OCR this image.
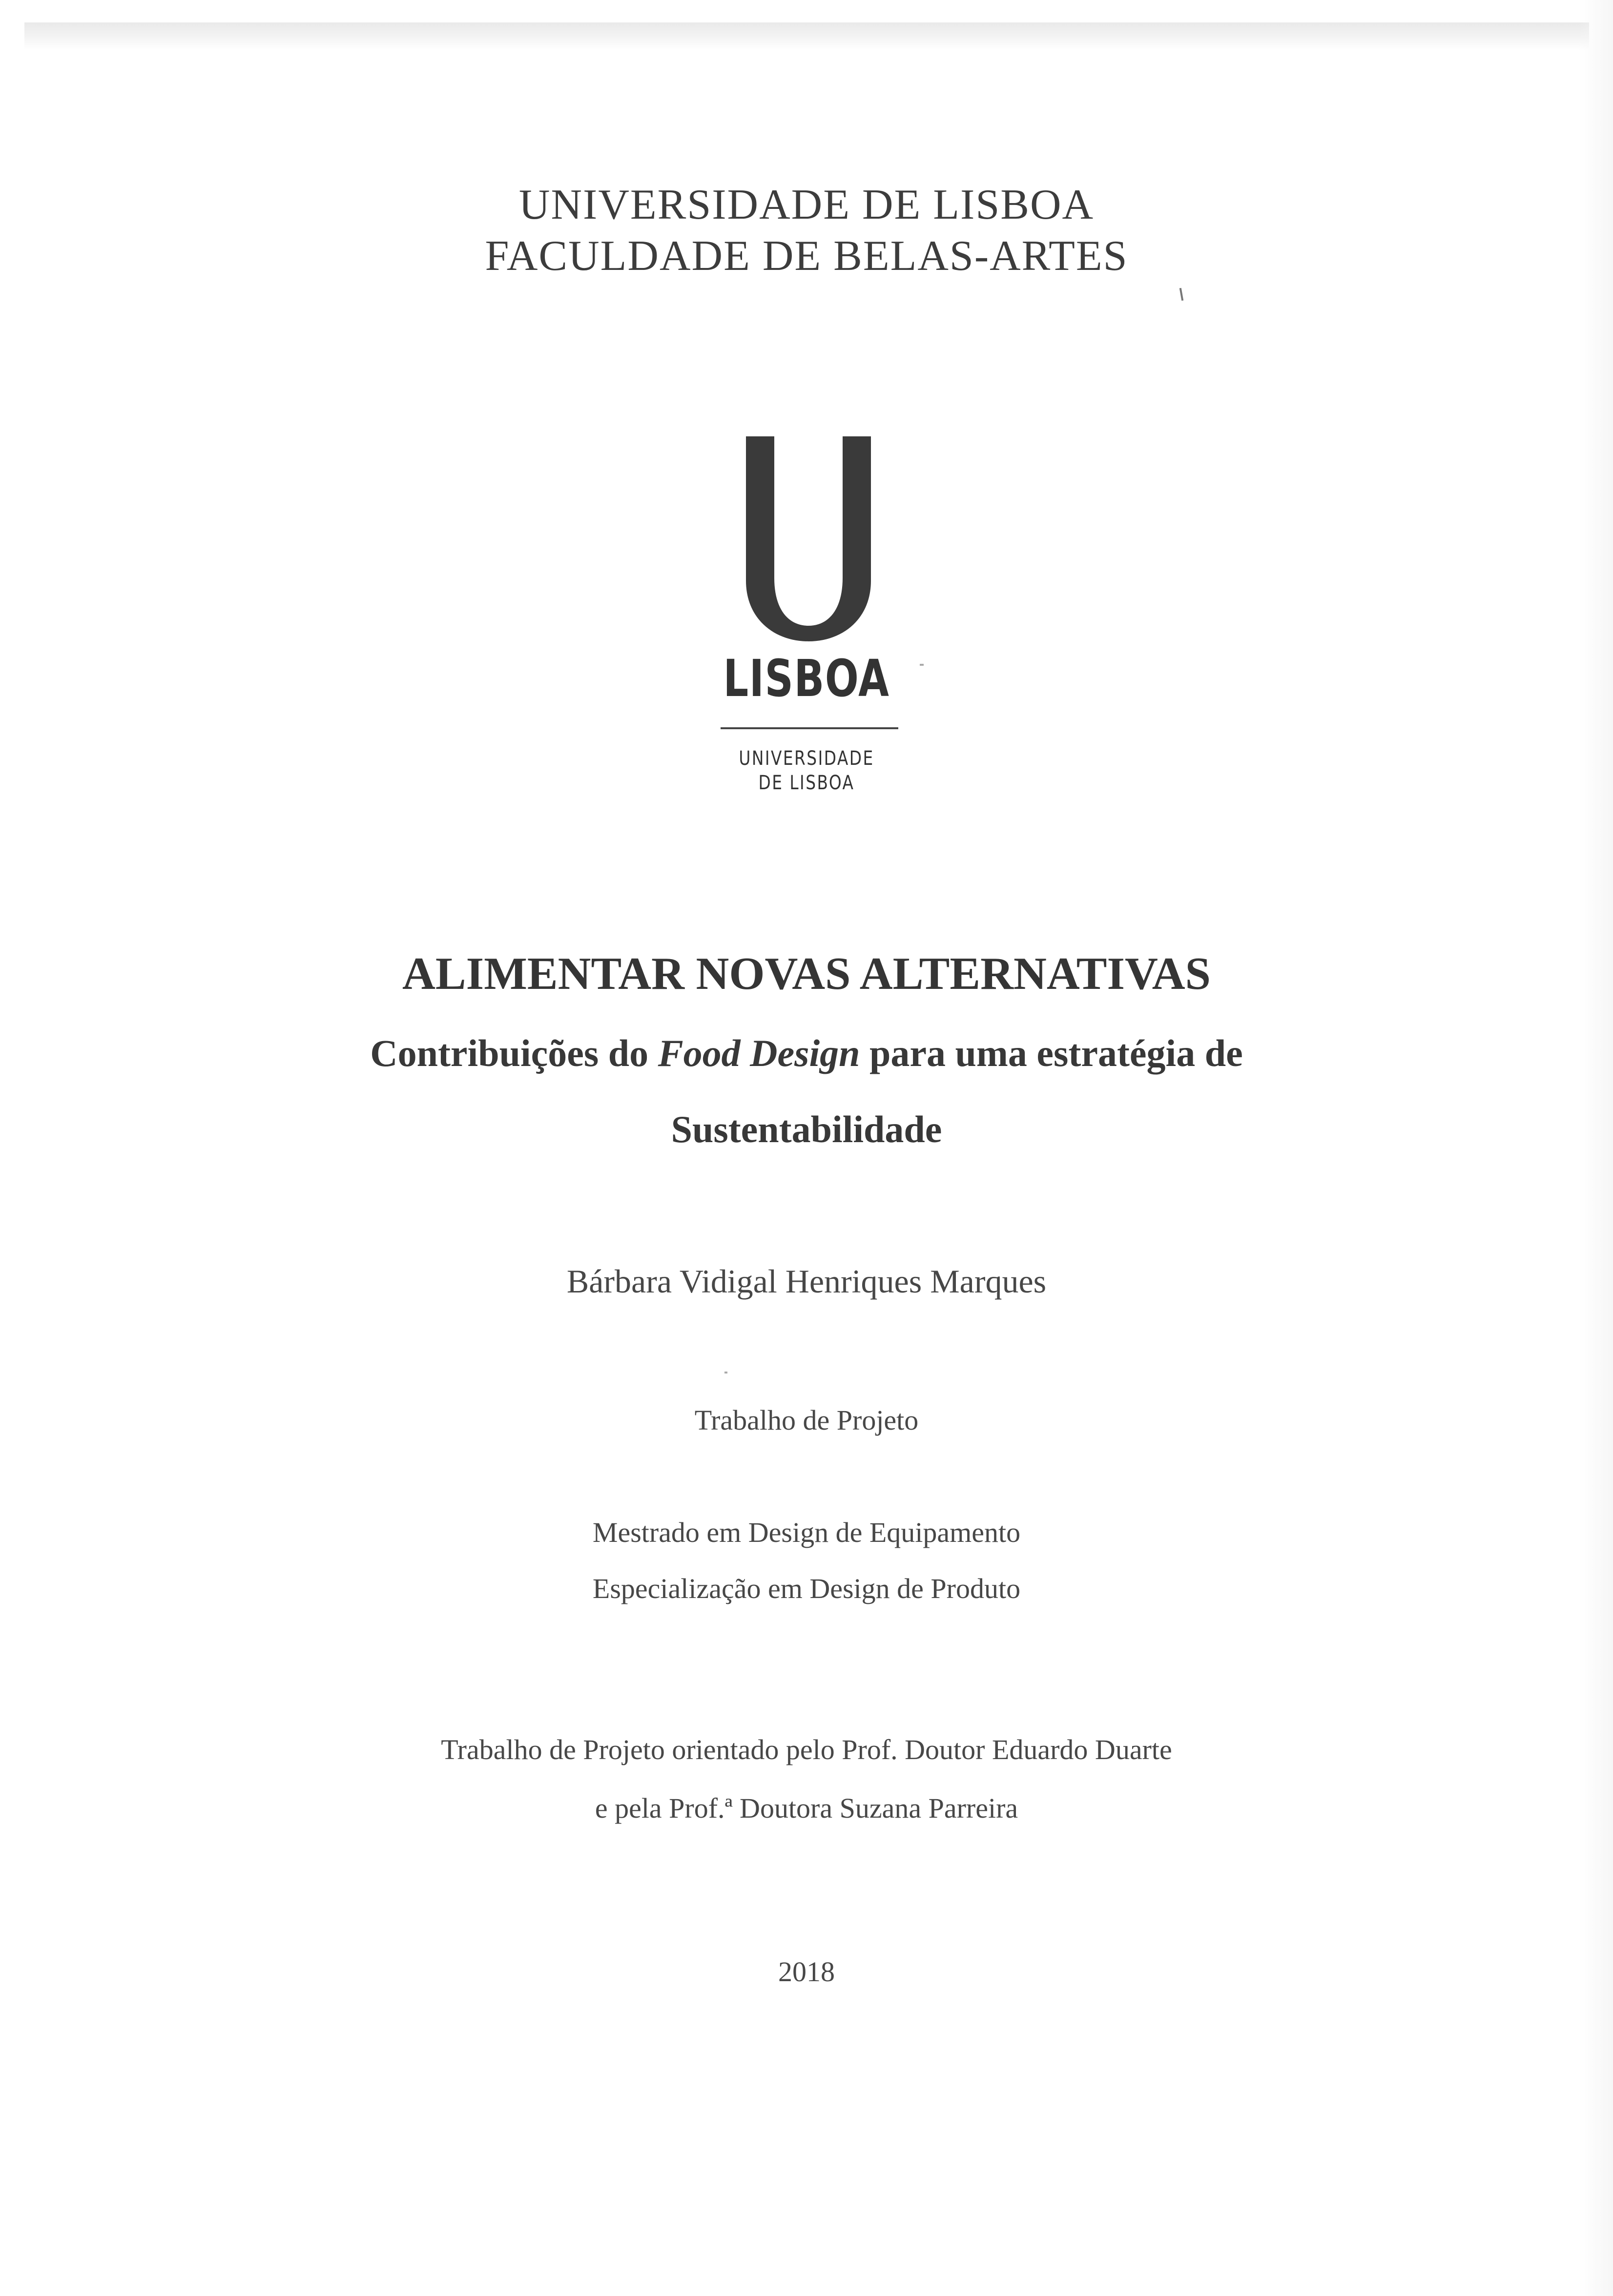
UNIVERSIDADE DE LISBOA
FACULDADE DE BELAS-ARTES
LISBOA
UNIVERSIDADE
DE LISBOA
ALIMENTAR NOVAS ALTERNATIVAS
Contribuições do Food Design para uma estratégia de
Sustentabilidade
Bárbara Vidigal Henriques Marques
Trabalho de Projeto
Mestrado em Design de Equipamento
Especialização em Design de Produto
Trabalho de Projeto orientado pelo Prof. Doutor Eduardo Duarte
e pela Prof.ª Doutora Suzana Parreira
2018
